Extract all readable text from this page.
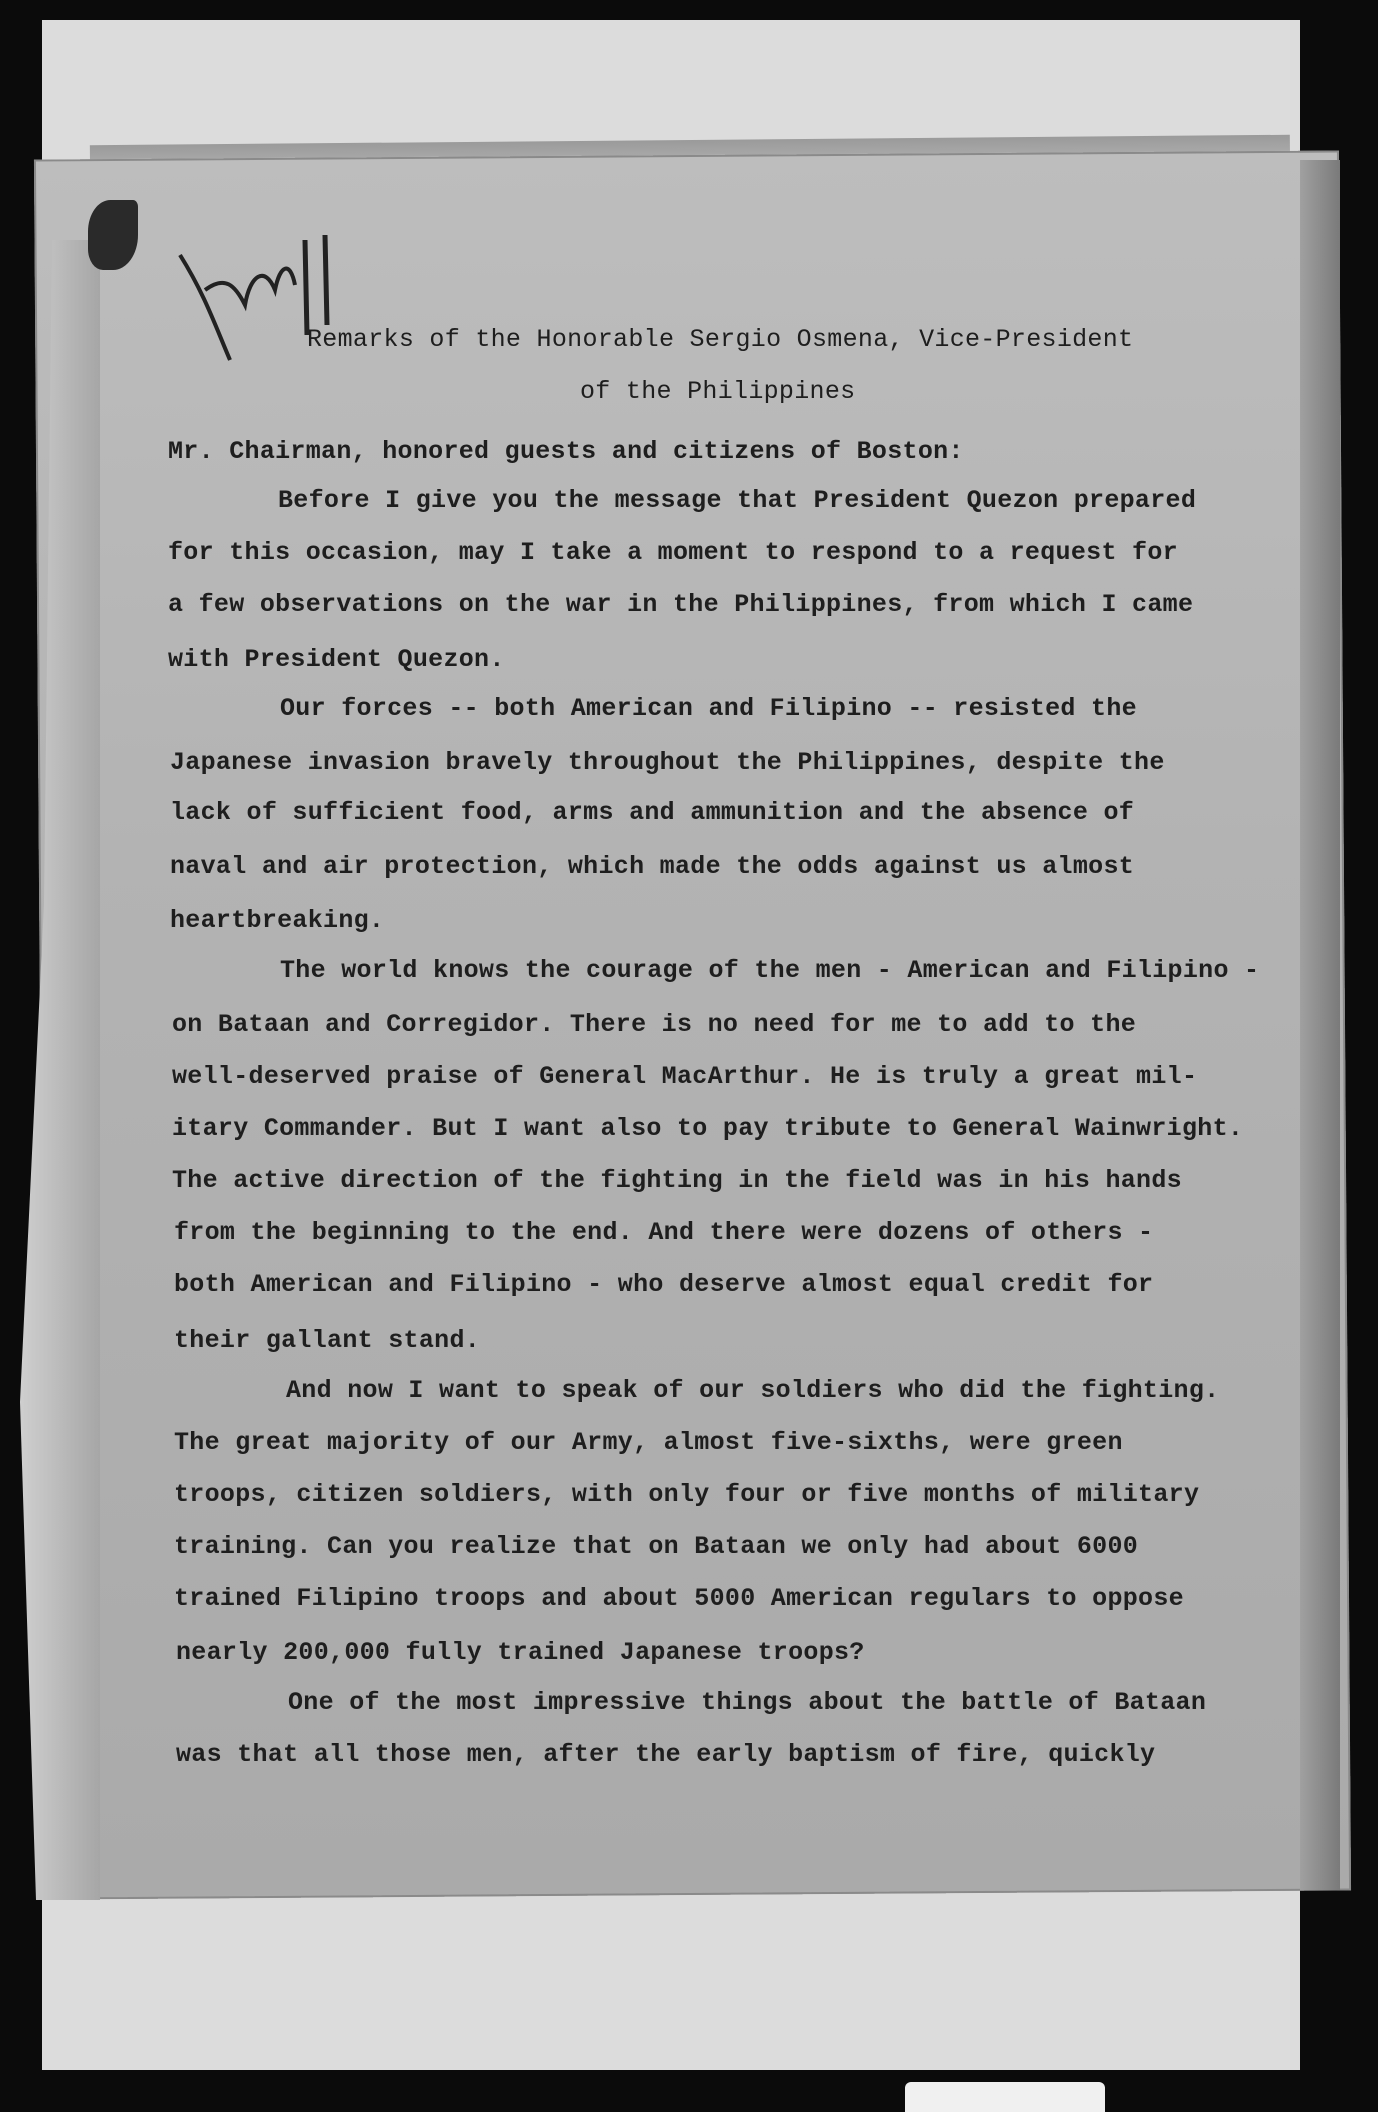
Remarks of the Honorable Sergio Osmena, Vice-President
of the Philippines
Mr. Chairman, honored guests and citizens of Boston:
Before I give you the message that President Quezon prepared
for this occasion, may I take a moment to respond to a request for
a few observations on the war in the Philippines, from which I came
with President Quezon.
Our forces -- both American and Filipino -- resisted the
Japanese invasion bravely throughout the Philippines, despite the
lack of sufficient food, arms and ammunition and the absence of
naval and air protection, which made the odds against us almost
heartbreaking.
The world knows the courage of the men - American and Filipino -
on Bataan and Corregidor. There is no need for me to add to the
well-deserved praise of General MacArthur. He is truly a great mil-
itary Commander. But I want also to pay tribute to General Wainwright.
The active direction of the fighting in the field was in his hands
from the beginning to the end. And there were dozens of others -
both American and Filipino - who deserve almost equal credit for
their gallant stand.
And now I want to speak of our soldiers who did the fighting.
The great majority of our Army, almost five-sixths, were green
troops, citizen soldiers, with only four or five months of military
training. Can you realize that on Bataan we only had about 6000
trained Filipino troops and about 5000 American regulars to oppose
nearly 200,000 fully trained Japanese troops?
One of the most impressive things about the battle of Bataan
was that all those men, after the early baptism of fire, quickly
